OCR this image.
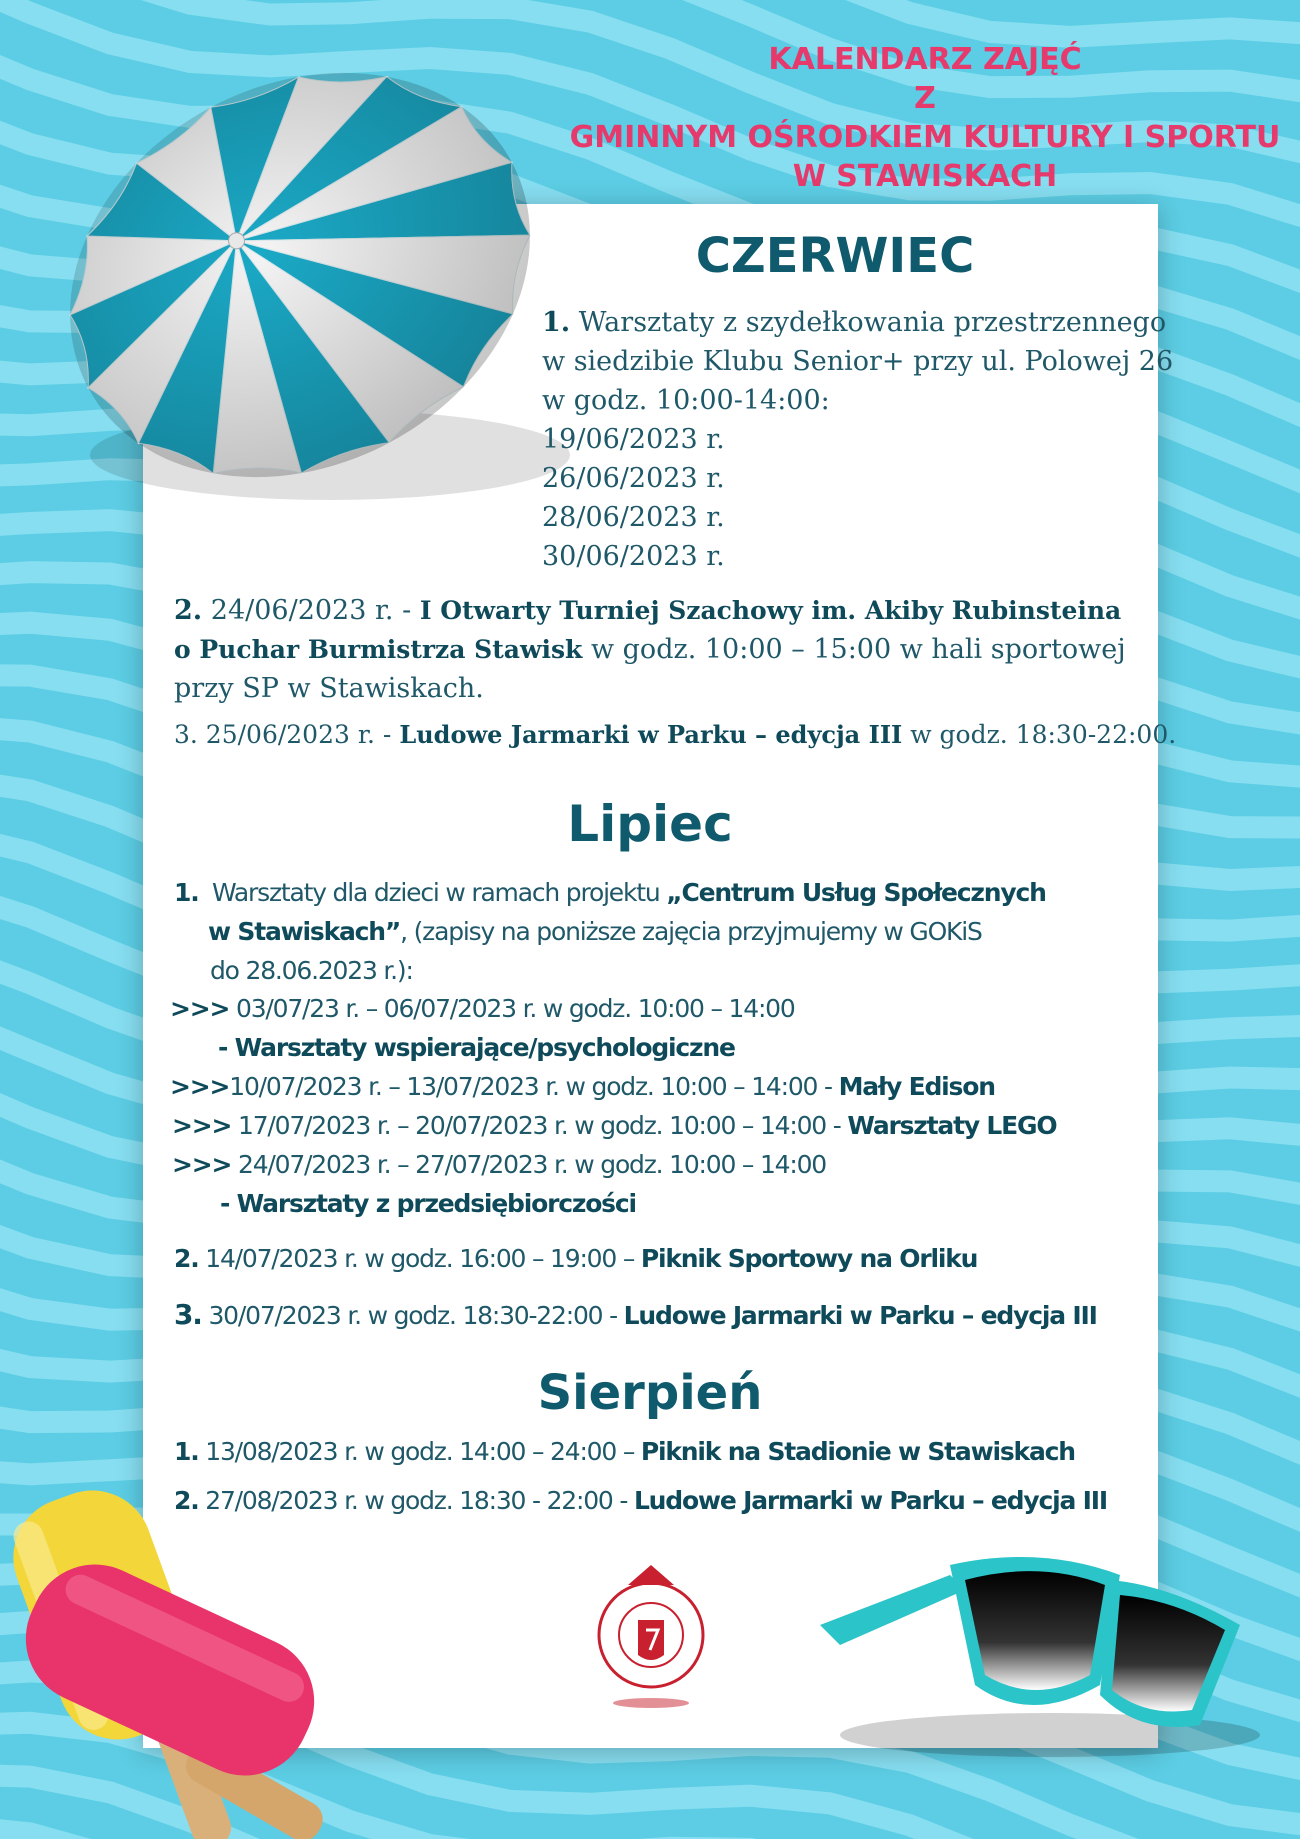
KALENDARZ ZAJĘĆ
Z
GMINNYM OŚRODKIEM KULTURY I SPORTU
W STAWISKACH
CZERWIEC
1. Warsztaty z szydełkowania przestrzennego
w siedzibie Klubu Senior+ przy ul. Polowej 26
w godz. 10:00-14:00:
19/06/2023 r.
26/06/2023 r.
28/06/2023 r.
30/06/2023 r.
2. 24/06/2023 r. - I Otwarty Turniej Szachowy im. Akiby Rubinsteina
o Puchar Burmistrza Stawisk w godz. 10:00 – 15:00 w hali sportowej
przy SP w Stawiskach.
3. 25/06/2023 r. - Ludowe Jarmarki w Parku – edycja III w godz. 18:30-22:00.
Lipiec
1. Warsztaty dla dzieci w ramach projektu „Centrum Usług Społecznych
w Stawiskach”, (zapisy na poniższe zajęcia przyjmujemy w GOKiS
do 28.06.2023 r.):
>>> 03/07/23 r. – 06/07/2023 r. w godz. 10:00 – 14:00
- Warsztaty wspierające/psychologiczne
>>>10/07/2023 r. – 13/07/2023 r. w godz. 10:00 – 14:00 - Mały Edison
>>> 17/07/2023 r. – 20/07/2023 r. w godz. 10:00 – 14:00 - Warsztaty LEGO
>>> 24/07/2023 r. – 27/07/2023 r. w godz. 10:00 – 14:00
- Warsztaty z przedsiębiorczości
2. 14/07/2023 r. w godz. 16:00 – 19:00 – Piknik Sportowy na Orliku
3. 30/07/2023 r. w godz. 18:30-22:00 - Ludowe Jarmarki w Parku – edycja III
Sierpień
1. 13/08/2023 r. w godz. 14:00 – 24:00 – Piknik na Stadionie w Stawiskach
2. 27/08/2023 r. w godz. 18:30 - 22:00 - Ludowe Jarmarki w Parku – edycja III
